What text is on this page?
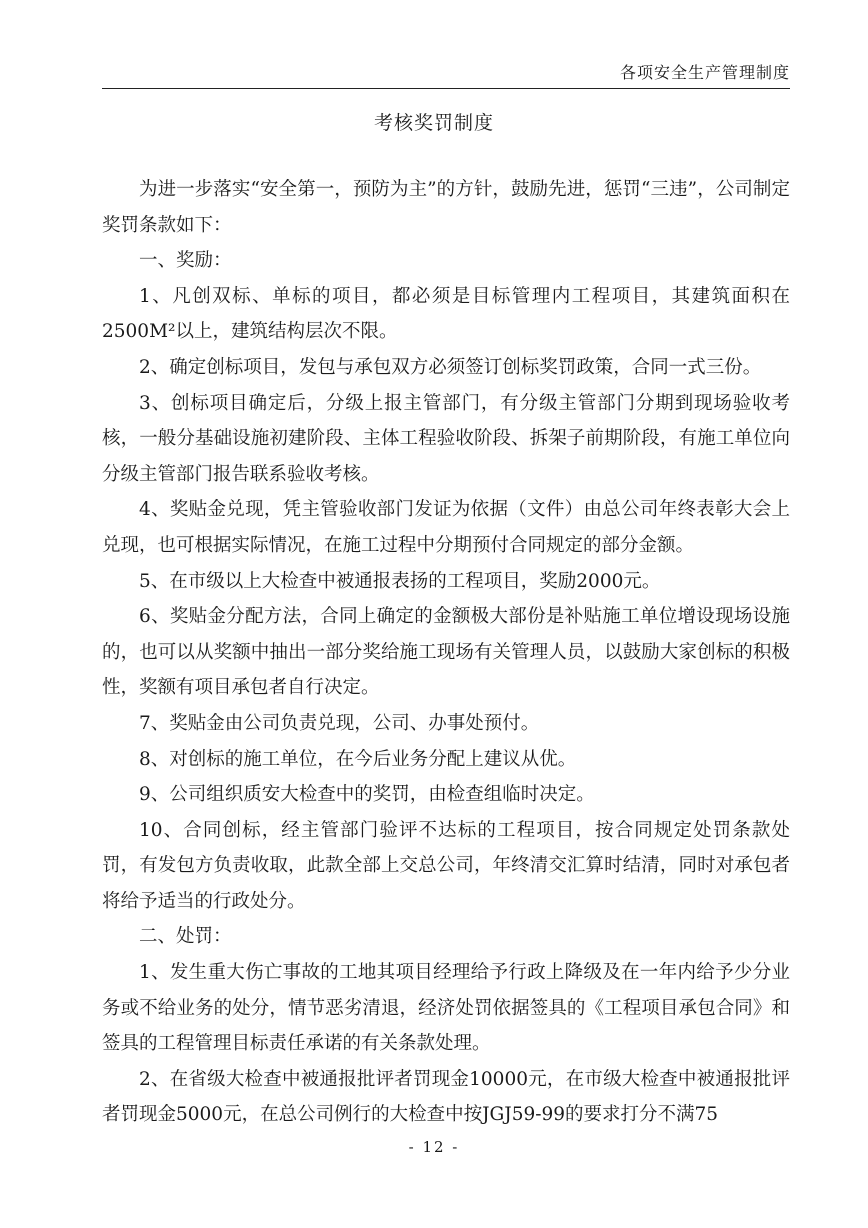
各项安全生产管理制度
考核奖罚制度

为进一步落实“安全第一，预防为主”的方针，鼓励先进，惩罚“三违”，公司制定奖罚条款如下：

一、奖励：

1、凡创双标、单标的项目，都必须是目标管理内工程项目，其建筑面积在2500M²以上，建筑结构层次不限。

2、确定创标项目，发包与承包双方必须签订创标奖罚政策，合同一式三份。

3、创标项目确定后，分级上报主管部门，有分级主管部门分期到现场验收考核，一般分基础设施初建阶段、主体工程验收阶段、拆架子前期阶段，有施工单位向分级主管部门报告联系验收考核。

4、奖贴金兑现，凭主管验收部门发证为依据（文件）由总公司年终表彰大会上兑现，也可根据实际情况，在施工过程中分期预付合同规定的部分金额。

5、在市级以上大检查中被通报表扬的工程项目，奖励2000元。

6、奖贴金分配方法，合同上确定的金额极大部份是补贴施工单位增设现场设施的，也可以从奖额中抽出一部分奖给施工现场有关管理人员，以鼓励大家创标的积极性，奖额有项目承包者自行决定。

7、奖贴金由公司负责兑现，公司、办事处预付。

8、对创标的施工单位，在今后业务分配上建议从优。

9、公司组织质安大检查中的奖罚，由检查组临时决定。

10、合同创标，经主管部门验评不达标的工程项目，按合同规定处罚条款处罚，有发包方负责收取，此款全部上交总公司，年终清交汇算时结清，同时对承包者将给予适当的行政处分。

二、处罚：

1、发生重大伤亡事故的工地其项目经理给予行政上降级及在一年内给予少分业务或不给业务的处分，情节恶劣清退，经济处罚依据签具的《工程项目承包合同》和签具的工程管理目标责任承诺的有关条款处理。

2、在省级大检查中被通报批评者罚现金10000元，在市级大检查中被通报批评者罚现金5000元，在总公司例行的大检查中按JGJ59-99的要求打分不满75

- 12 -
